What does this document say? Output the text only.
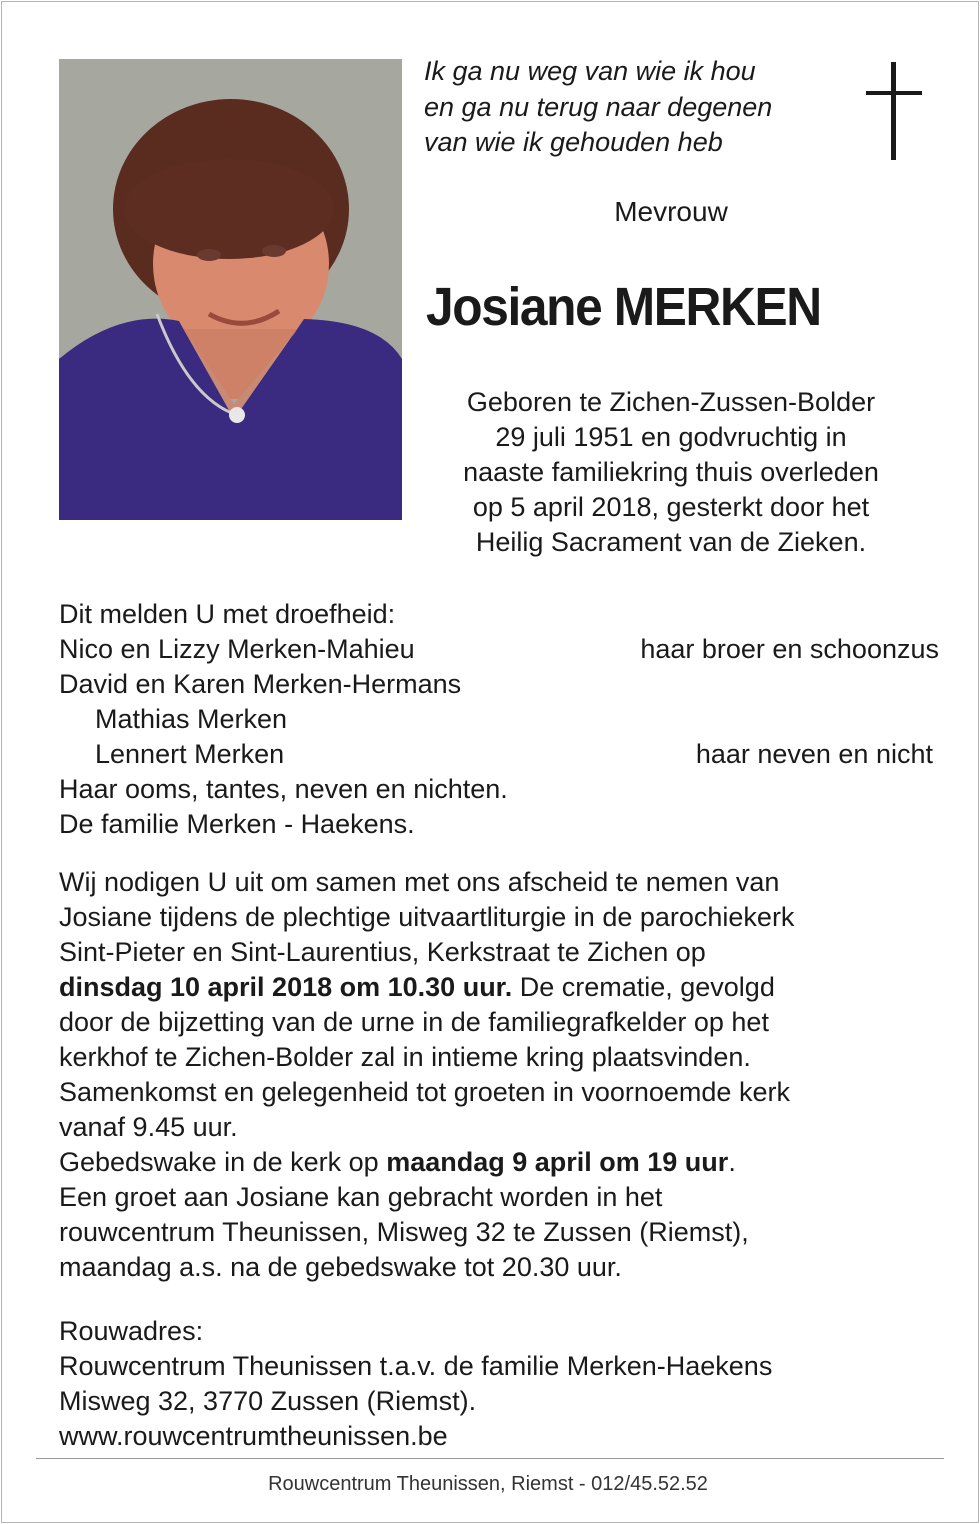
Ik ga nu weg van wie ik hou
en ga nu terug naar degenen
van wie ik gehouden heb
Mevrouw
Josiane MERKEN
Geboren te Zichen-Zussen-Bolder
29 juli 1951 en godvruchtig in
naaste familiekring thuis overleden
op 5 april 2018, gesterkt door het
Heilig Sacrament van de Zieken.
Dit melden U met droefheid:
Nico en Lizzy Merken-Mahieu	haar broer en schoonzus
David en Karen Merken-Hermans
Mathias Merken
Lennert Merken	haar neven en nicht
Haar ooms, tantes, neven en nichten.
De familie Merken - Haekens.
Wij nodigen U uit om samen met ons afscheid te nemen van
Josiane tijdens de plechtige uitvaartliturgie in de parochiekerk
Sint-Pieter en Sint-Laurentius, Kerkstraat te Zichen op
dinsdag 10 april 2018 om 10.30 uur. De crematie, gevolgd
door de bijzetting van de urne in de familiegrafkelder op het
kerkhof te Zichen-Bolder zal in intieme kring plaatsvinden.
Samenkomst en gelegenheid tot groeten in voornoemde kerk
vanaf 9.45 uur.
Gebedswake in de kerk op maandag 9 april om 19 uur.
Een groet aan Josiane kan gebracht worden in het
rouwcentrum Theunissen, Misweg 32 te Zussen (Riemst),
maandag a.s. na de gebedswake tot 20.30 uur.
Rouwadres:
Rouwcentrum Theunissen t.a.v. de familie Merken-Haekens
Misweg 32, 3770 Zussen (Riemst).
www.rouwcentrumtheunissen.be
Rouwcentrum Theunissen, Riemst - 012/45.52.52
